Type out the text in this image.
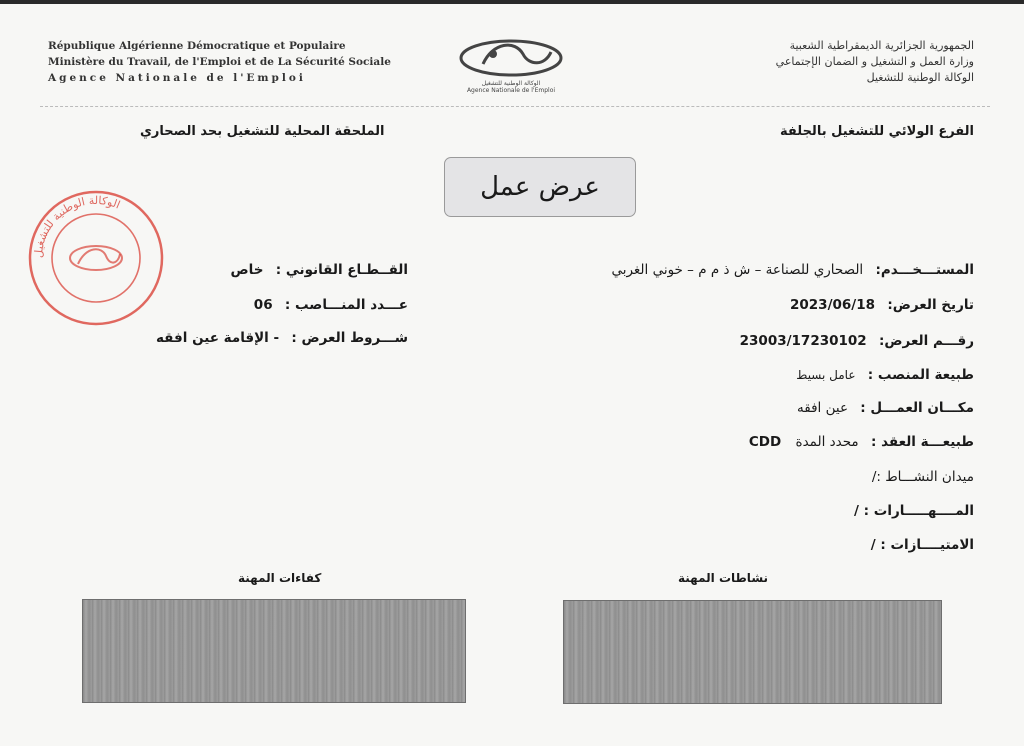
République Algérienne Démocratique et Populaire
Ministère du Travail, de l'Emploi et de La Sécurité Sociale
Agence Nationale de l'Emploi	الوكالة الوطنية للتشغيل
Agence Nationale de l'Emploi
الجمهورية الجزائرية الديمقراطية الشعبية
وزارة العمل و التشغيل و الضمان الإجتماعي
الوكالة الوطنية للتشغيل
الفرع الولائي للتشغيل بالجلفة
الملحقة المحلية للتشغيل بحد الصحاري
عرض عمل
الوكالة الوطنية للتشغيل
المستـــخـــدم: الصحاري للصناعة – ش ذ م م – خوني الغربي
تاريخ العرض: 2023/06/18
رقـــم العرض: 23003/17230102
طبيعة المنصب : عامل بسيط
مكـــان العمـــل : عين افقه
طبيعـــة العقد : محدد المدة CDD
ميدان النشـــاط :/
المــــهـــــارات : /
الامتيــــازات : /
القــطـاع القانوني : خاص
عـــدد المنـــاصب : 06
شـــروط العرض : - الإقامة عين افقه
نشاطات المهنة
كفاءات المهنة
